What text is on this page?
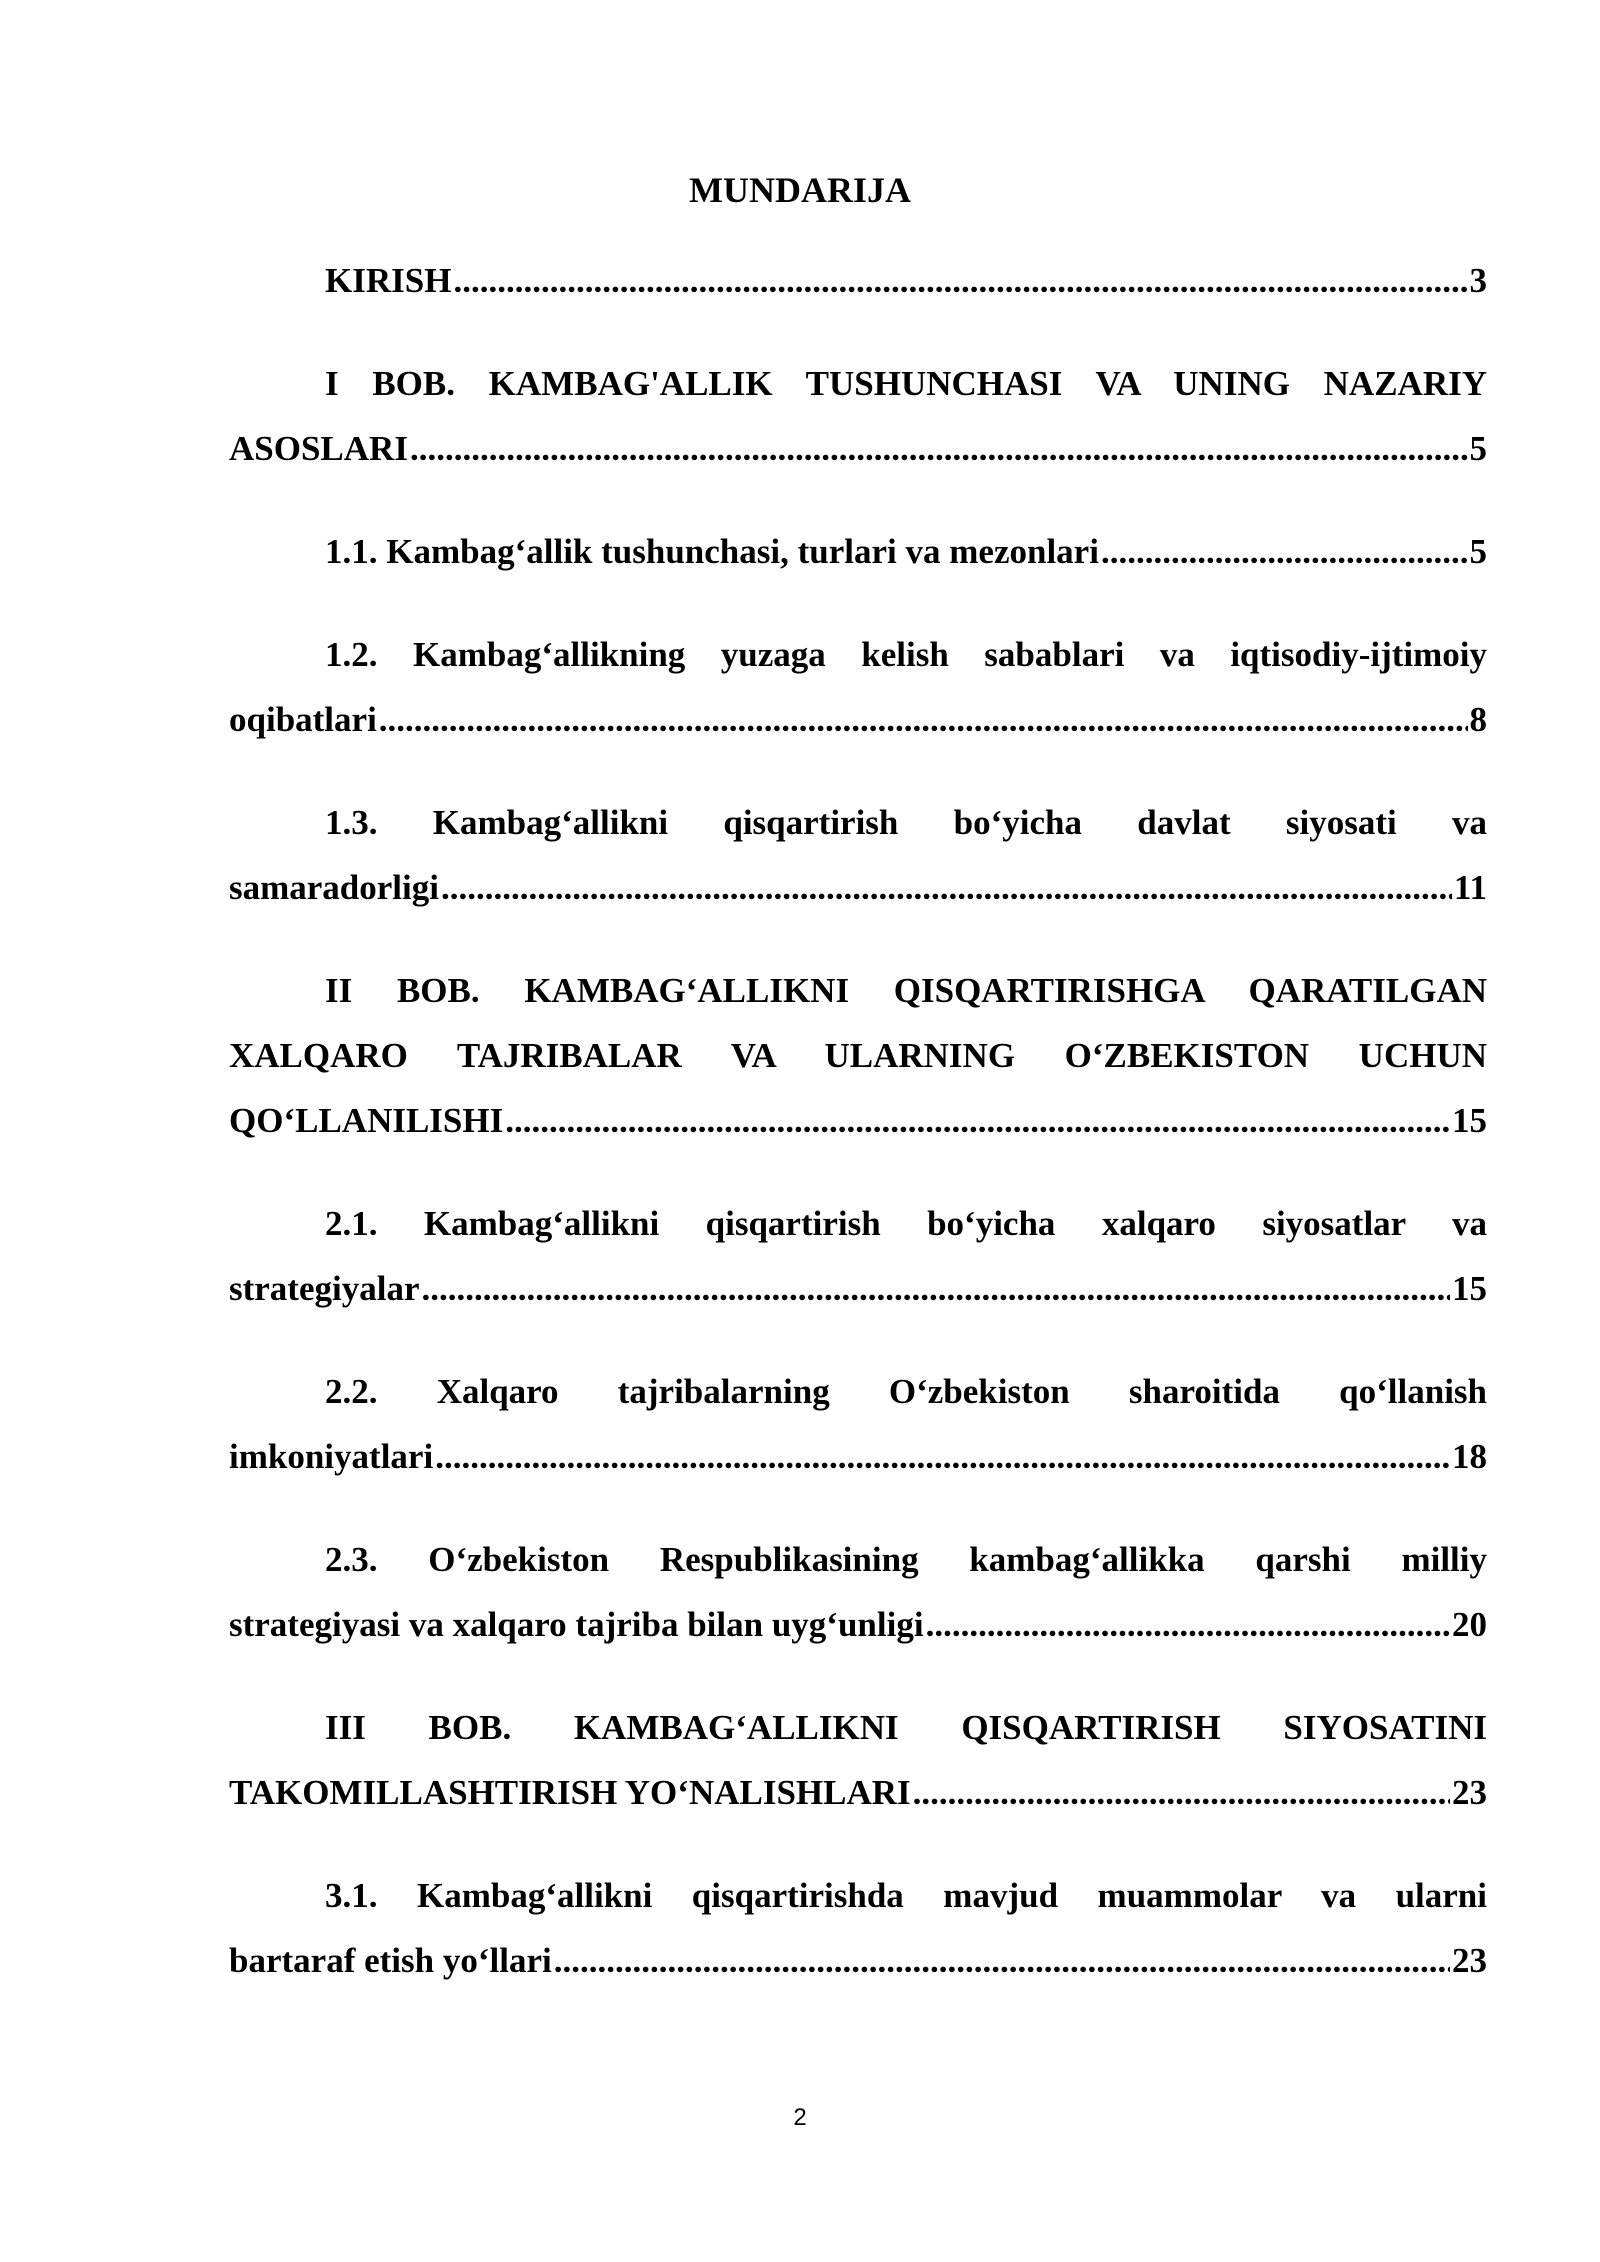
MUNDARIJA
KIRISH .....	3
I BOB. KAMBAG'ALLIK TUSHUNCHASI VA UNING NAZARIY
ASOSLARI .....	5
1.1. Kambag‘allik tushunchasi, turlari va mezonlari .....	5
1.2. Kambag‘allikning yuzaga kelish sabablari va iqtisodiy-ijtimoiy
oqibatlari .....	8
1.3. Kambag‘allikni qisqartirish bo‘yicha davlat siyosati va
samaradorligi .....	11
II BOB. KAMBAG‘ALLIKNI QISQARTIRISHGA QARATILGAN
XALQARO TAJRIBALAR VA ULARNING O‘ZBEKISTON UCHUN
QO‘LLANILISHI .....	15
2.1. Kambag‘allikni qisqartirish bo‘yicha xalqaro siyosatlar va
strategiyalar .....	15
2.2. Xalqaro tajribalarning O‘zbekiston sharoitida qo‘llanish
imkoniyatlari .....	18
2.3. O‘zbekiston Respublikasining kambag‘allikka qarshi milliy
strategiyasi va xalqaro tajriba bilan uyg‘unligi .....	20
III BOB. KAMBAG‘ALLIKNI QISQARTIRISH SIYOSATINI
TAKOMILLASHTIRISH YO‘NALISHLARI .....	23
3.1. Kambag‘allikni qisqartirishda mavjud muammolar va ularni
bartaraf etish yo‘llari .....	23
2
